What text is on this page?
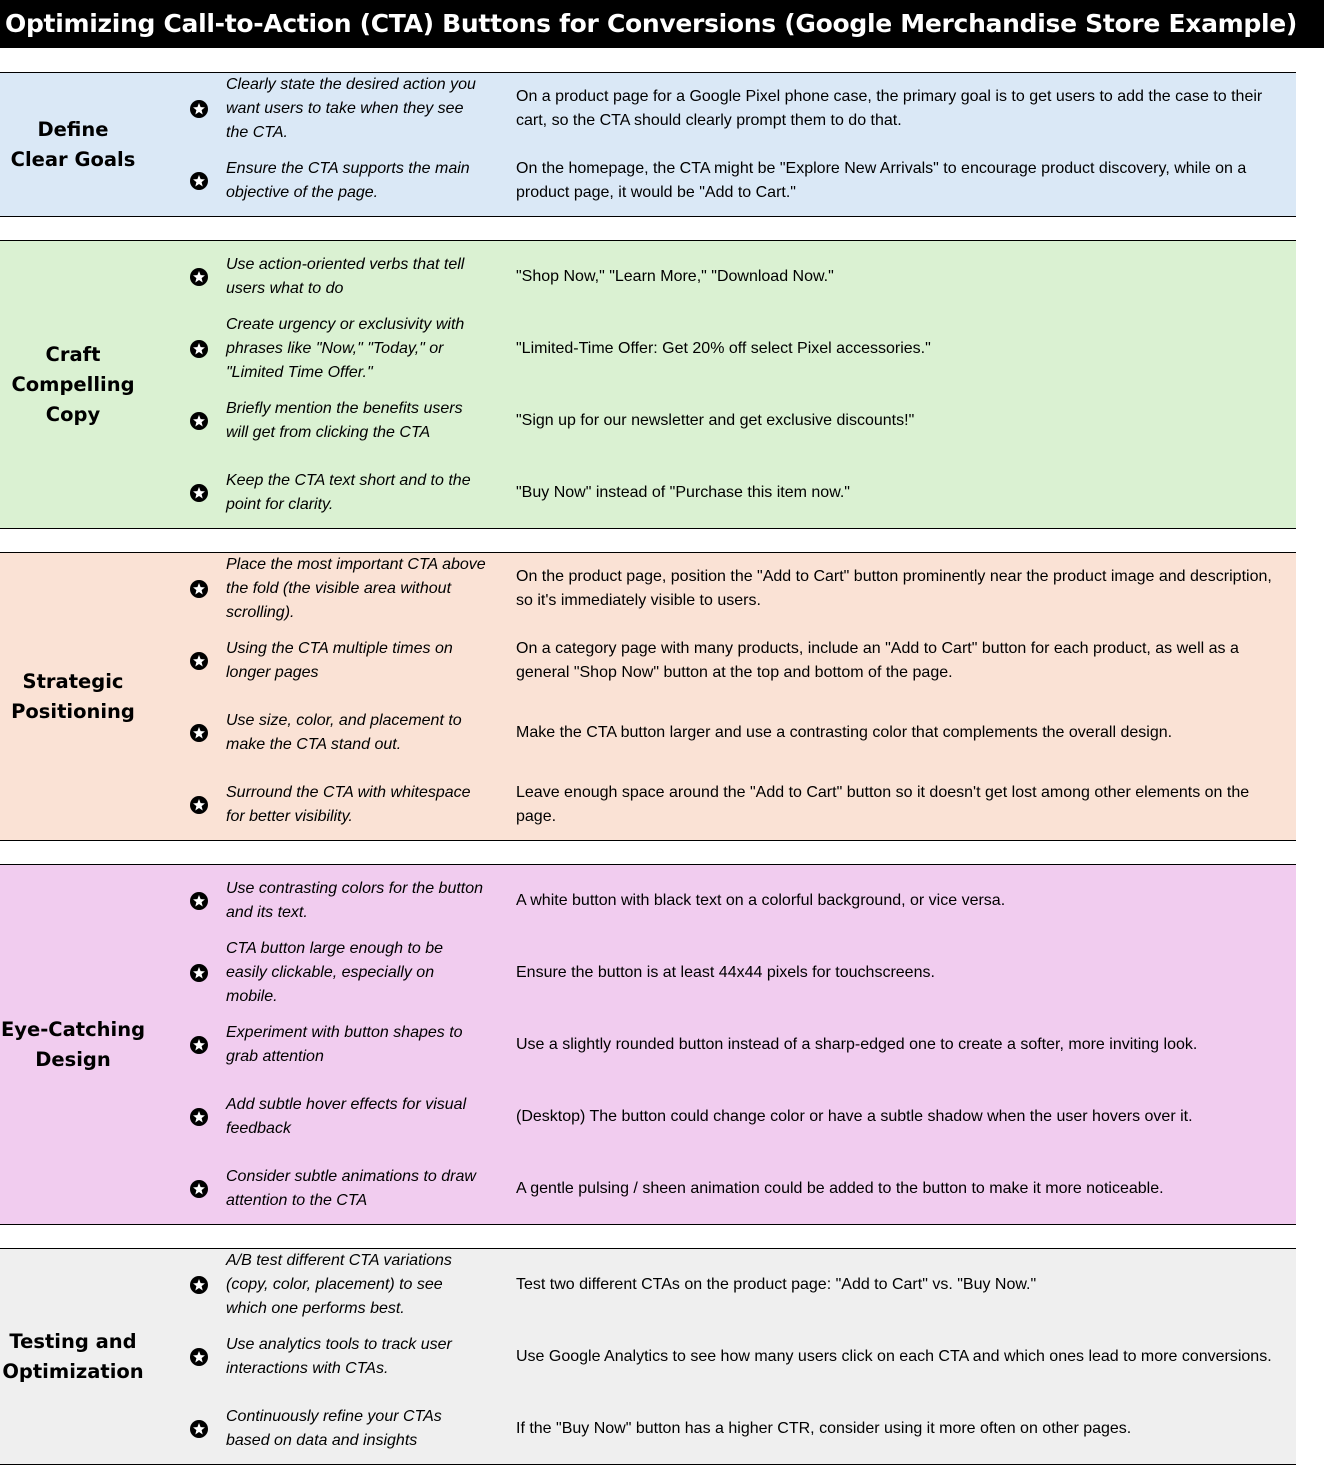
Optimizing Call-to-Action (CTA) Buttons for Conversions (Google Merchandise Store Example)
Define
Clear Goals
Clearly state the desired action you want users to take when they see the CTA.
On a product page for a Google Pixel phone case, the primary goal is to get users to add the case to their cart, so the CTA should clearly prompt them to do that.
Ensure the CTA supports the main objective of the page.
On the homepage, the CTA might be "Explore New Arrivals" to encourage product discovery, while on a product page, it would be "Add to Cart."
Craft
Compelling
Copy
Use action-oriented verbs that tell users what to do
"Shop Now," "Learn More," "Download Now."
Create urgency or exclusivity with phrases like "Now," "Today," or "Limited Time Offer."
"Limited-Time Offer: Get 20% off select Pixel accessories."
Briefly mention the benefits users will get from clicking the CTA
"Sign up for our newsletter and get exclusive discounts!"
Keep the CTA text short and to the point for clarity.
"Buy Now" instead of "Purchase this item now."
Strategic
Positioning
Place the most important CTA above the fold (the visible area without scrolling).
On the product page, position the "Add to Cart" button prominently near the product image and description, so it's immediately visible to users.
Using the CTA multiple times on longer pages
On a category page with many products, include an "Add to Cart" button for each product, as well as a general "Shop Now" button at the top and bottom of the page.
Use size, color, and placement to make the CTA stand out.
Make the CTA button larger and use a contrasting color that complements the overall design.
Surround the CTA with whitespace for better visibility.
Leave enough space around the "Add to Cart" button so it doesn't get lost among other elements on the page.
Eye-Catching
Design
Use contrasting colors for the button and its text.
A white button with black text on a colorful background, or vice versa.
CTA button large enough to be easily clickable, especially on mobile.
Ensure the button is at least 44x44 pixels for touchscreens.
Experiment with button shapes to grab attention
Use a slightly rounded button instead of a sharp-edged one to create a softer, more inviting look.
Add subtle hover effects for visual feedback
(Desktop) The button could change color or have a subtle shadow when the user hovers over it.
Consider subtle animations to draw attention to the CTA
A gentle pulsing / sheen animation could be added to the button to make it more noticeable.
Testing and
Optimization
A/B test different CTA variations (copy, color, placement) to see which one performs best.
Test two different CTAs on the product page: "Add to Cart" vs. "Buy Now."
Use analytics tools to track user interactions with CTAs.
Use Google Analytics to see how many users click on each CTA and which ones lead to more conversions.
Continuously refine your CTAs based on data and insights
If the "Buy Now" button has a higher CTR, consider using it more often on other pages.
